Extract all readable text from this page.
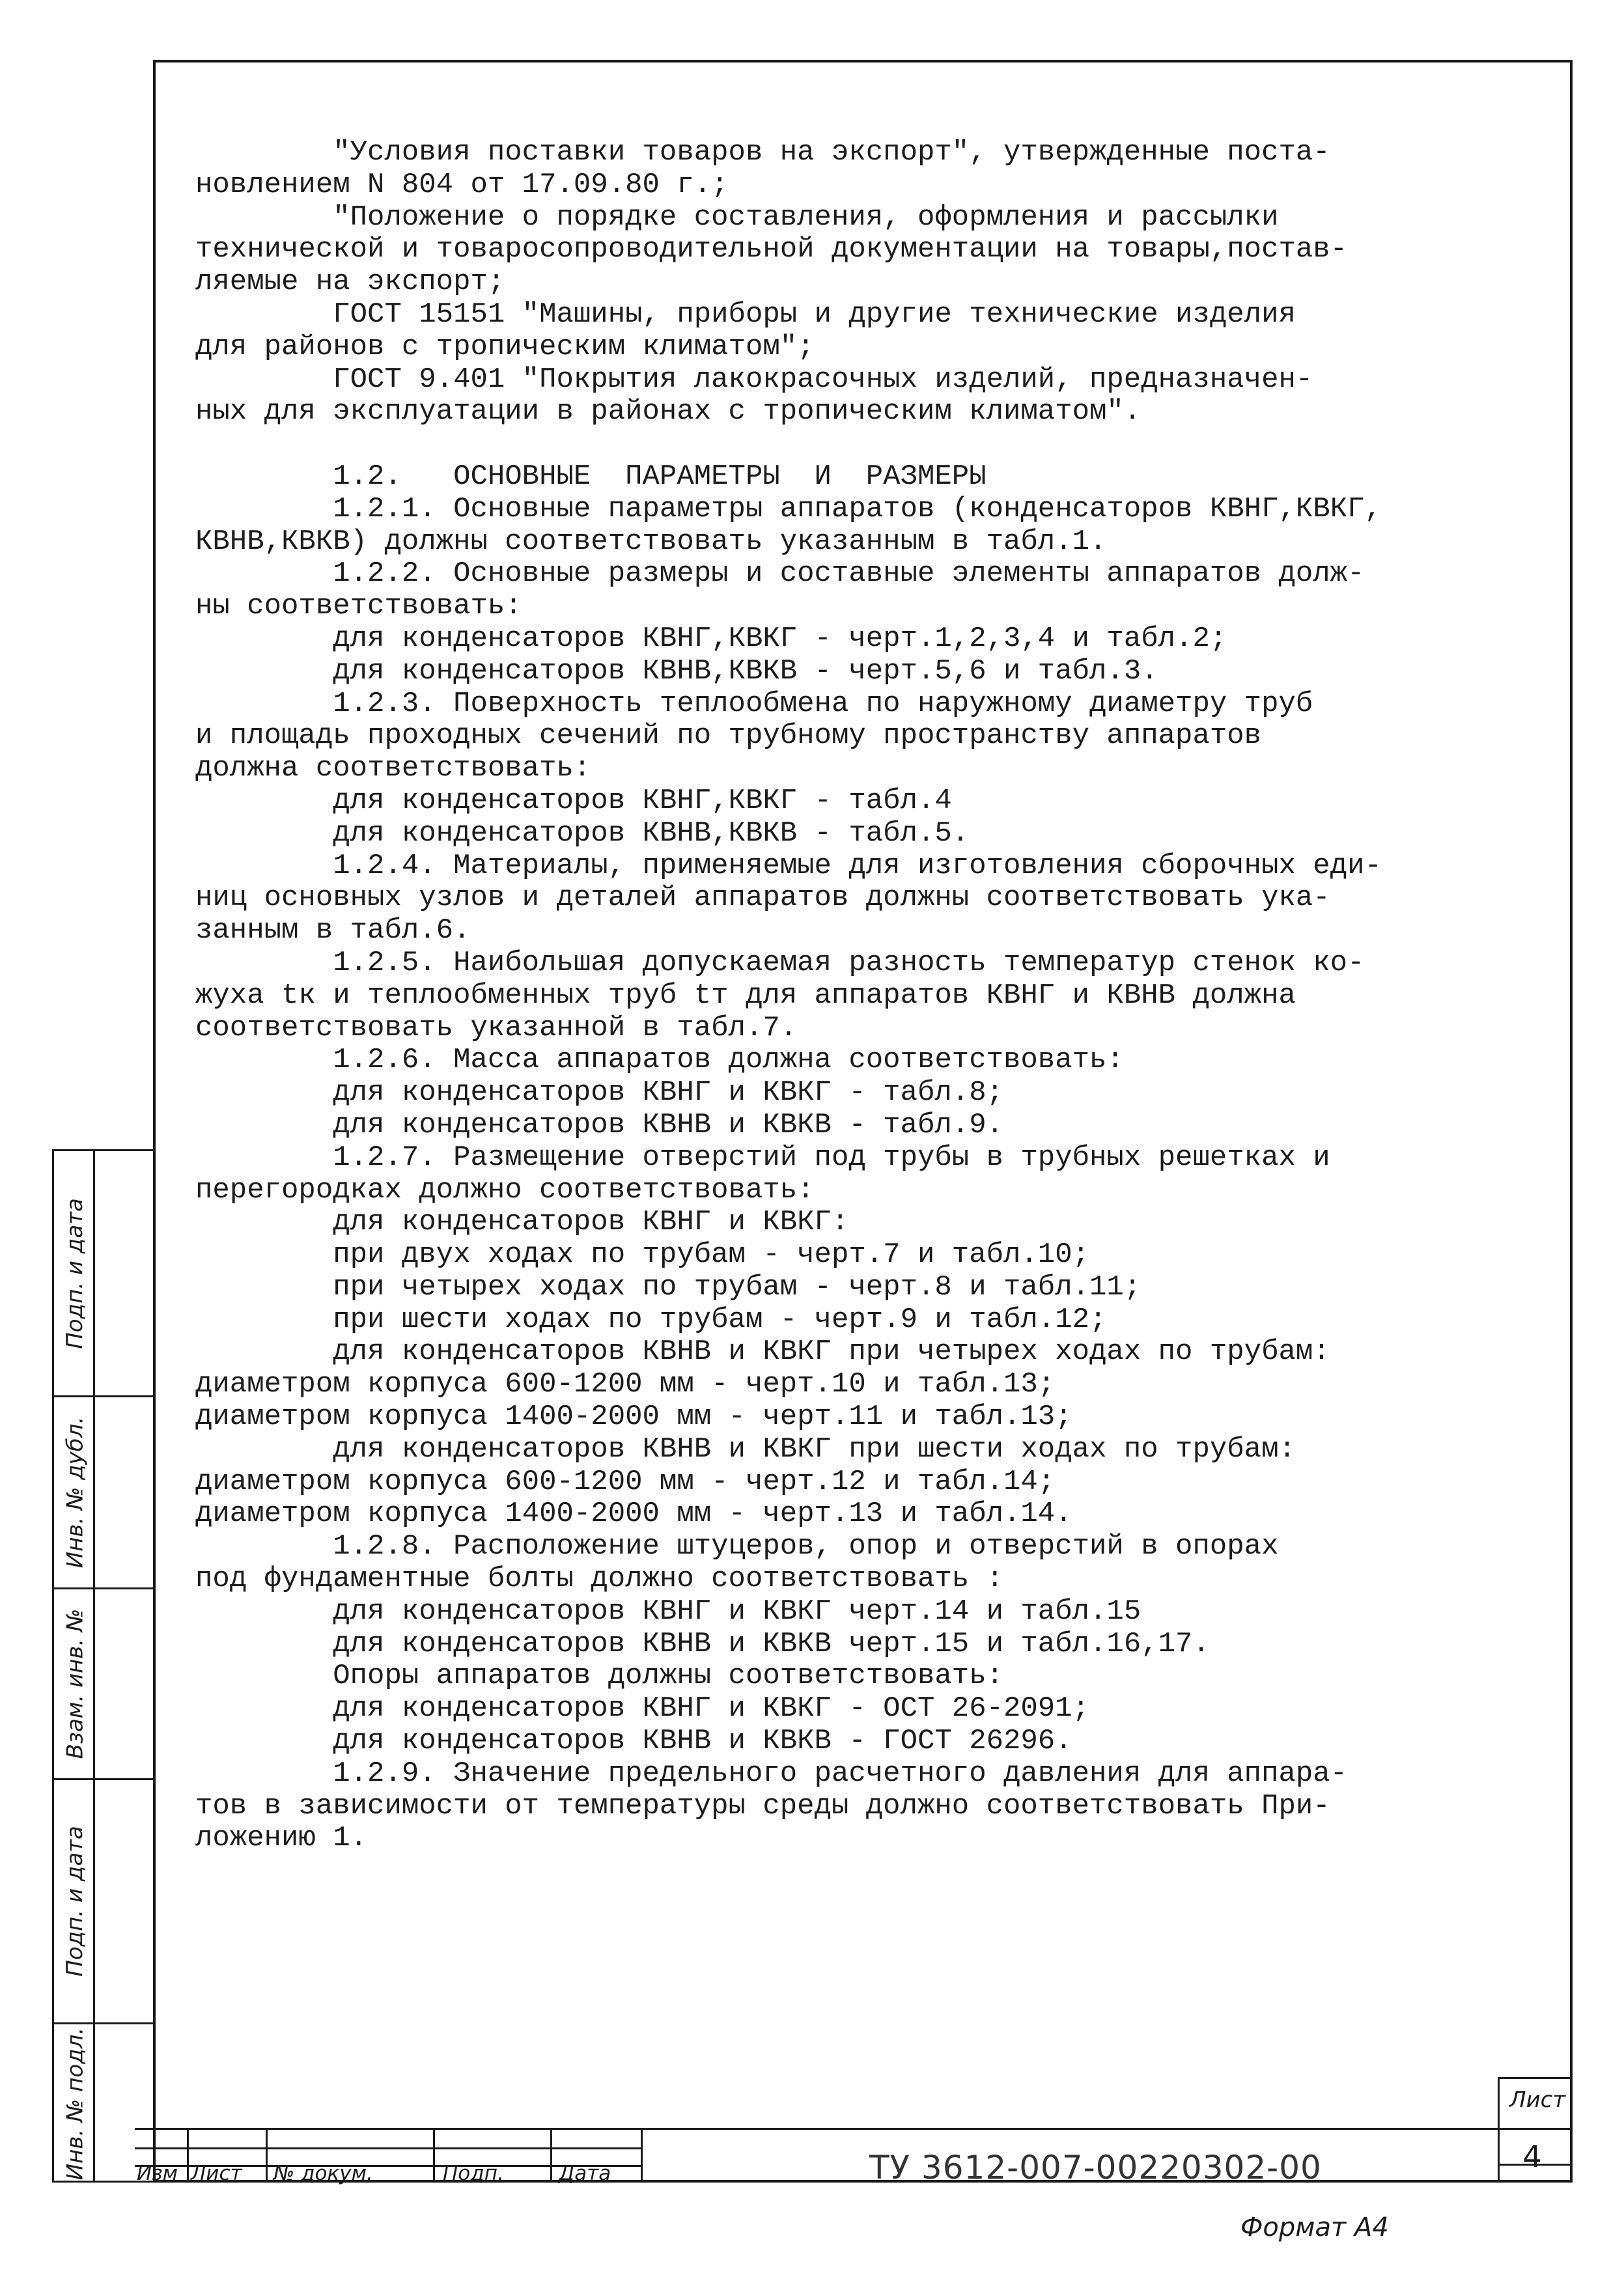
"Условия поставки товаров на экспорт", утвержденные поста-
новлением N 804 от 17.09.80 г.;
"Положение о порядке составления, оформления и рассылки
технической и товаросопроводительной документации на товары,постав-
ляемые на экспорт;
ГОСТ 15151 "Машины, приборы и другие технические изделия
для районов с тропическим климатом";
ГОСТ 9.401 "Покрытия лакокрасочных изделий, предназначен-
ных для эксплуатации в районах с тропическим климатом".
1.2.   ОСНОВНЫЕ  ПАРАМЕТРЫ  И  РАЗМЕРЫ
1.2.1. Основные параметры аппаратов (конденсаторов КВНГ,КВКГ,
КВНВ,КВКВ) должны соответствовать указанным в табл.1.
1.2.2. Основные размеры и составные элементы аппаратов долж-
ны соответствовать:
для конденсаторов КВНГ,КВКГ - черт.1,2,3,4 и табл.2;
для конденсаторов КВНВ,КВКВ - черт.5,6 и табл.3.
1.2.3. Поверхность теплообмена по наружному диаметру труб
и площадь проходных сечений по трубному пространству аппаратов
должна соответствовать:
для конденсаторов КВНГ,КВКГ - табл.4
для конденсаторов КВНВ,КВКВ - табл.5.
1.2.4. Материалы, применяемые для изготовления сборочных еди-
ниц основных узлов и деталей аппаратов должны соответствовать ука-
занным в табл.6.
1.2.5. Наибольшая допускаемая разность температур стенок ко-
жуха tк и теплообменных труб tт для аппаратов КВНГ и КВНВ должна
соответствовать указанной в табл.7.
1.2.6. Масса аппаратов должна соответствовать:
для конденсаторов КВНГ и КВКГ - табл.8;
для конденсаторов КВНВ и КВКВ - табл.9.
1.2.7. Размещение отверстий под трубы в трубных решетках и
перегородках должно соответствовать:
для конденсаторов КВНГ и КВКГ:
при двух ходах по трубам - черт.7 и табл.10;
при четырех ходах по трубам - черт.8 и табл.11;
при шести ходах по трубам - черт.9 и табл.12;
для конденсаторов КВНВ и КВКГ при четырех ходах по трубам:
диаметром корпуса 600-1200 мм - черт.10 и табл.13;
диаметром корпуса 1400-2000 мм - черт.11 и табл.13;
для конденсаторов КВНВ и КВКГ при шести ходах по трубам:
диаметром корпуса 600-1200 мм - черт.12 и табл.14;
диаметром корпуса 1400-2000 мм - черт.13 и табл.14.
1.2.8. Расположение штуцеров, опор и отверстий в опорах
под фундаментные болты должно соответствовать :
для конденсаторов КВНГ и КВКГ черт.14 и табл.15
для конденсаторов КВНВ и КВКВ черт.15 и табл.16,17.
Опоры аппаратов должны соответствовать:
для конденсаторов КВНГ и КВКГ - ОСТ 26-2091;
для конденсаторов КВНВ и КВКВ - ГОСТ 26296.
1.2.9. Значение предельного расчетного давления для аппара-
тов в зависимости от температуры среды должно соответствовать При-
ложению 1.
Подп. и дата
Инв. № дубл.
Взам. инв. №
Подп. и дата
Инв. № подл. Изм Лист № докум.	Подп.	Дата	ТУ 3612-007-00220302-00
Лист
4
Формат А4
